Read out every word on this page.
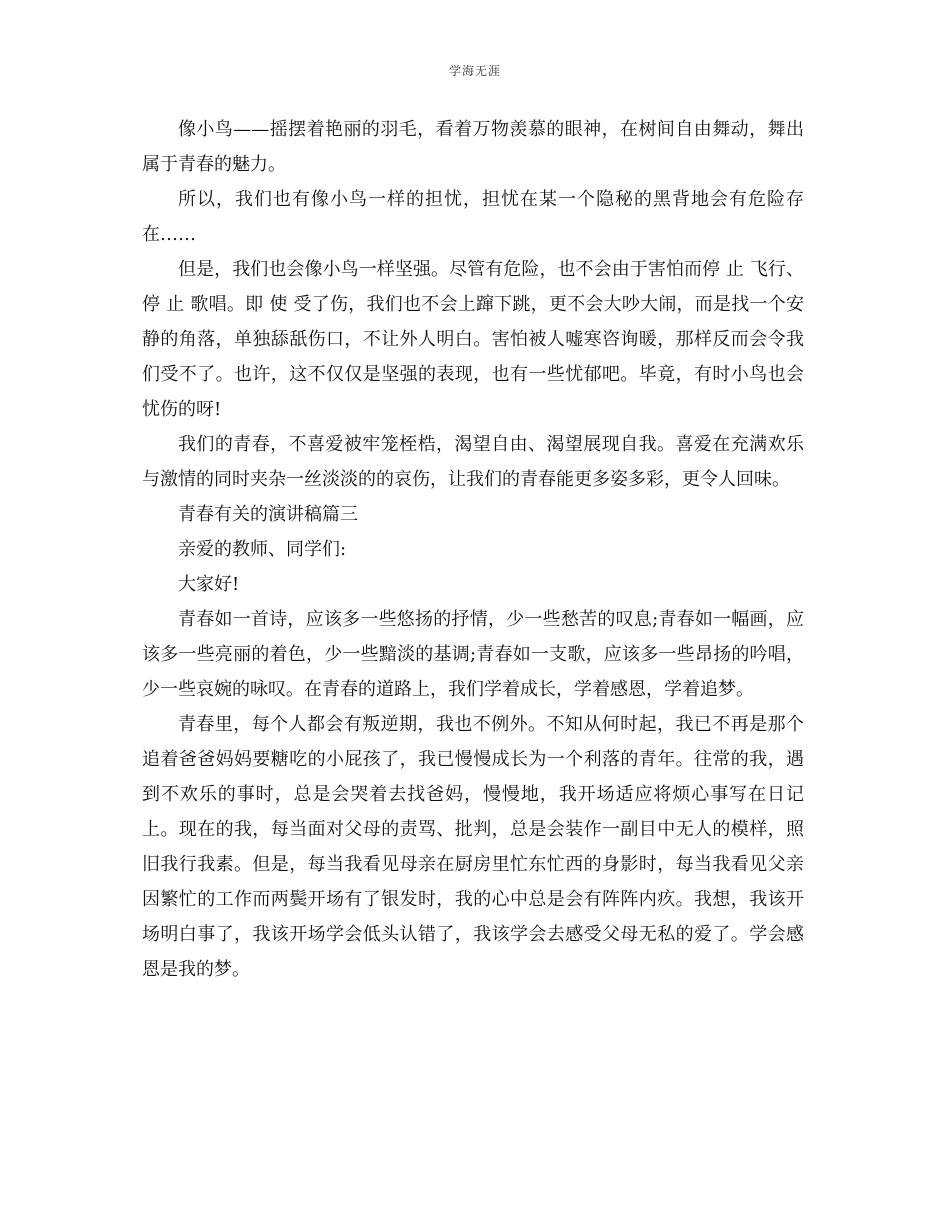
学海无涯

像小鸟——摇摆着艳丽的羽毛，看着万物羡慕的眼神，在树间自由舞动，舞出属于青春的魅力。

所以，我们也有像小鸟一样的担忧，担忧在某一个隐秘的黑背地会有危险存在……

但是，我们也会像小鸟一样坚强。尽管有危险，也不会由于害怕而停 止 飞行、停 止 歌唱。即 使 受了伤，我们也不会上蹿下跳，更不会大吵大闹，而是找一个安静的角落，单独舔舐伤口，不让外人明白。害怕被人嘘寒咨询暖，那样反而会令我们受不了。也许，这不仅仅是坚强的表现，也有一些忧郁吧。毕竟，有时小鸟也会忧伤的呀!

我们的青春，不喜爱被牢笼桎梏，渴望自由、渴望展现自我。喜爱在充满欢乐与激情的同时夹杂一丝淡淡的的哀伤，让我们的青春能更多姿多彩，更令人回味。

青春有关的演讲稿篇三

亲爱的教师、同学们:

大家好!

青春如一首诗，应该多一些悠扬的抒情，少一些愁苦的叹息;青春如一幅画，应该多一些亮丽的着色，少一些黯淡的基调;青春如一支歌，应该多一些昂扬的吟唱，少一些哀婉的咏叹。在青春的道路上，我们学着成长，学着感恩，学着追梦。

青春里，每个人都会有叛逆期，我也不例外。不知从何时起，我已不再是那个追着爸爸妈妈要糖吃的小屁孩了，我已慢慢成长为一个利落的青年。往常的我，遇到不欢乐的事时，总是会哭着去找爸妈，慢慢地，我开场适应将烦心事写在日记上。现在的我，每当面对父母的责骂、批判，总是会装作一副目中无人的模样，照旧我行我素。但是，每当我看见母亲在厨房里忙东忙西的身影时，每当我看见父亲因繁忙的工作而两鬓开场有了银发时，我的心中总是会有阵阵内疚。我想，我该开场明白事了，我该开场学会低头认错了，我该学会去感受父母无私的爱了。学会感恩是我的梦。
